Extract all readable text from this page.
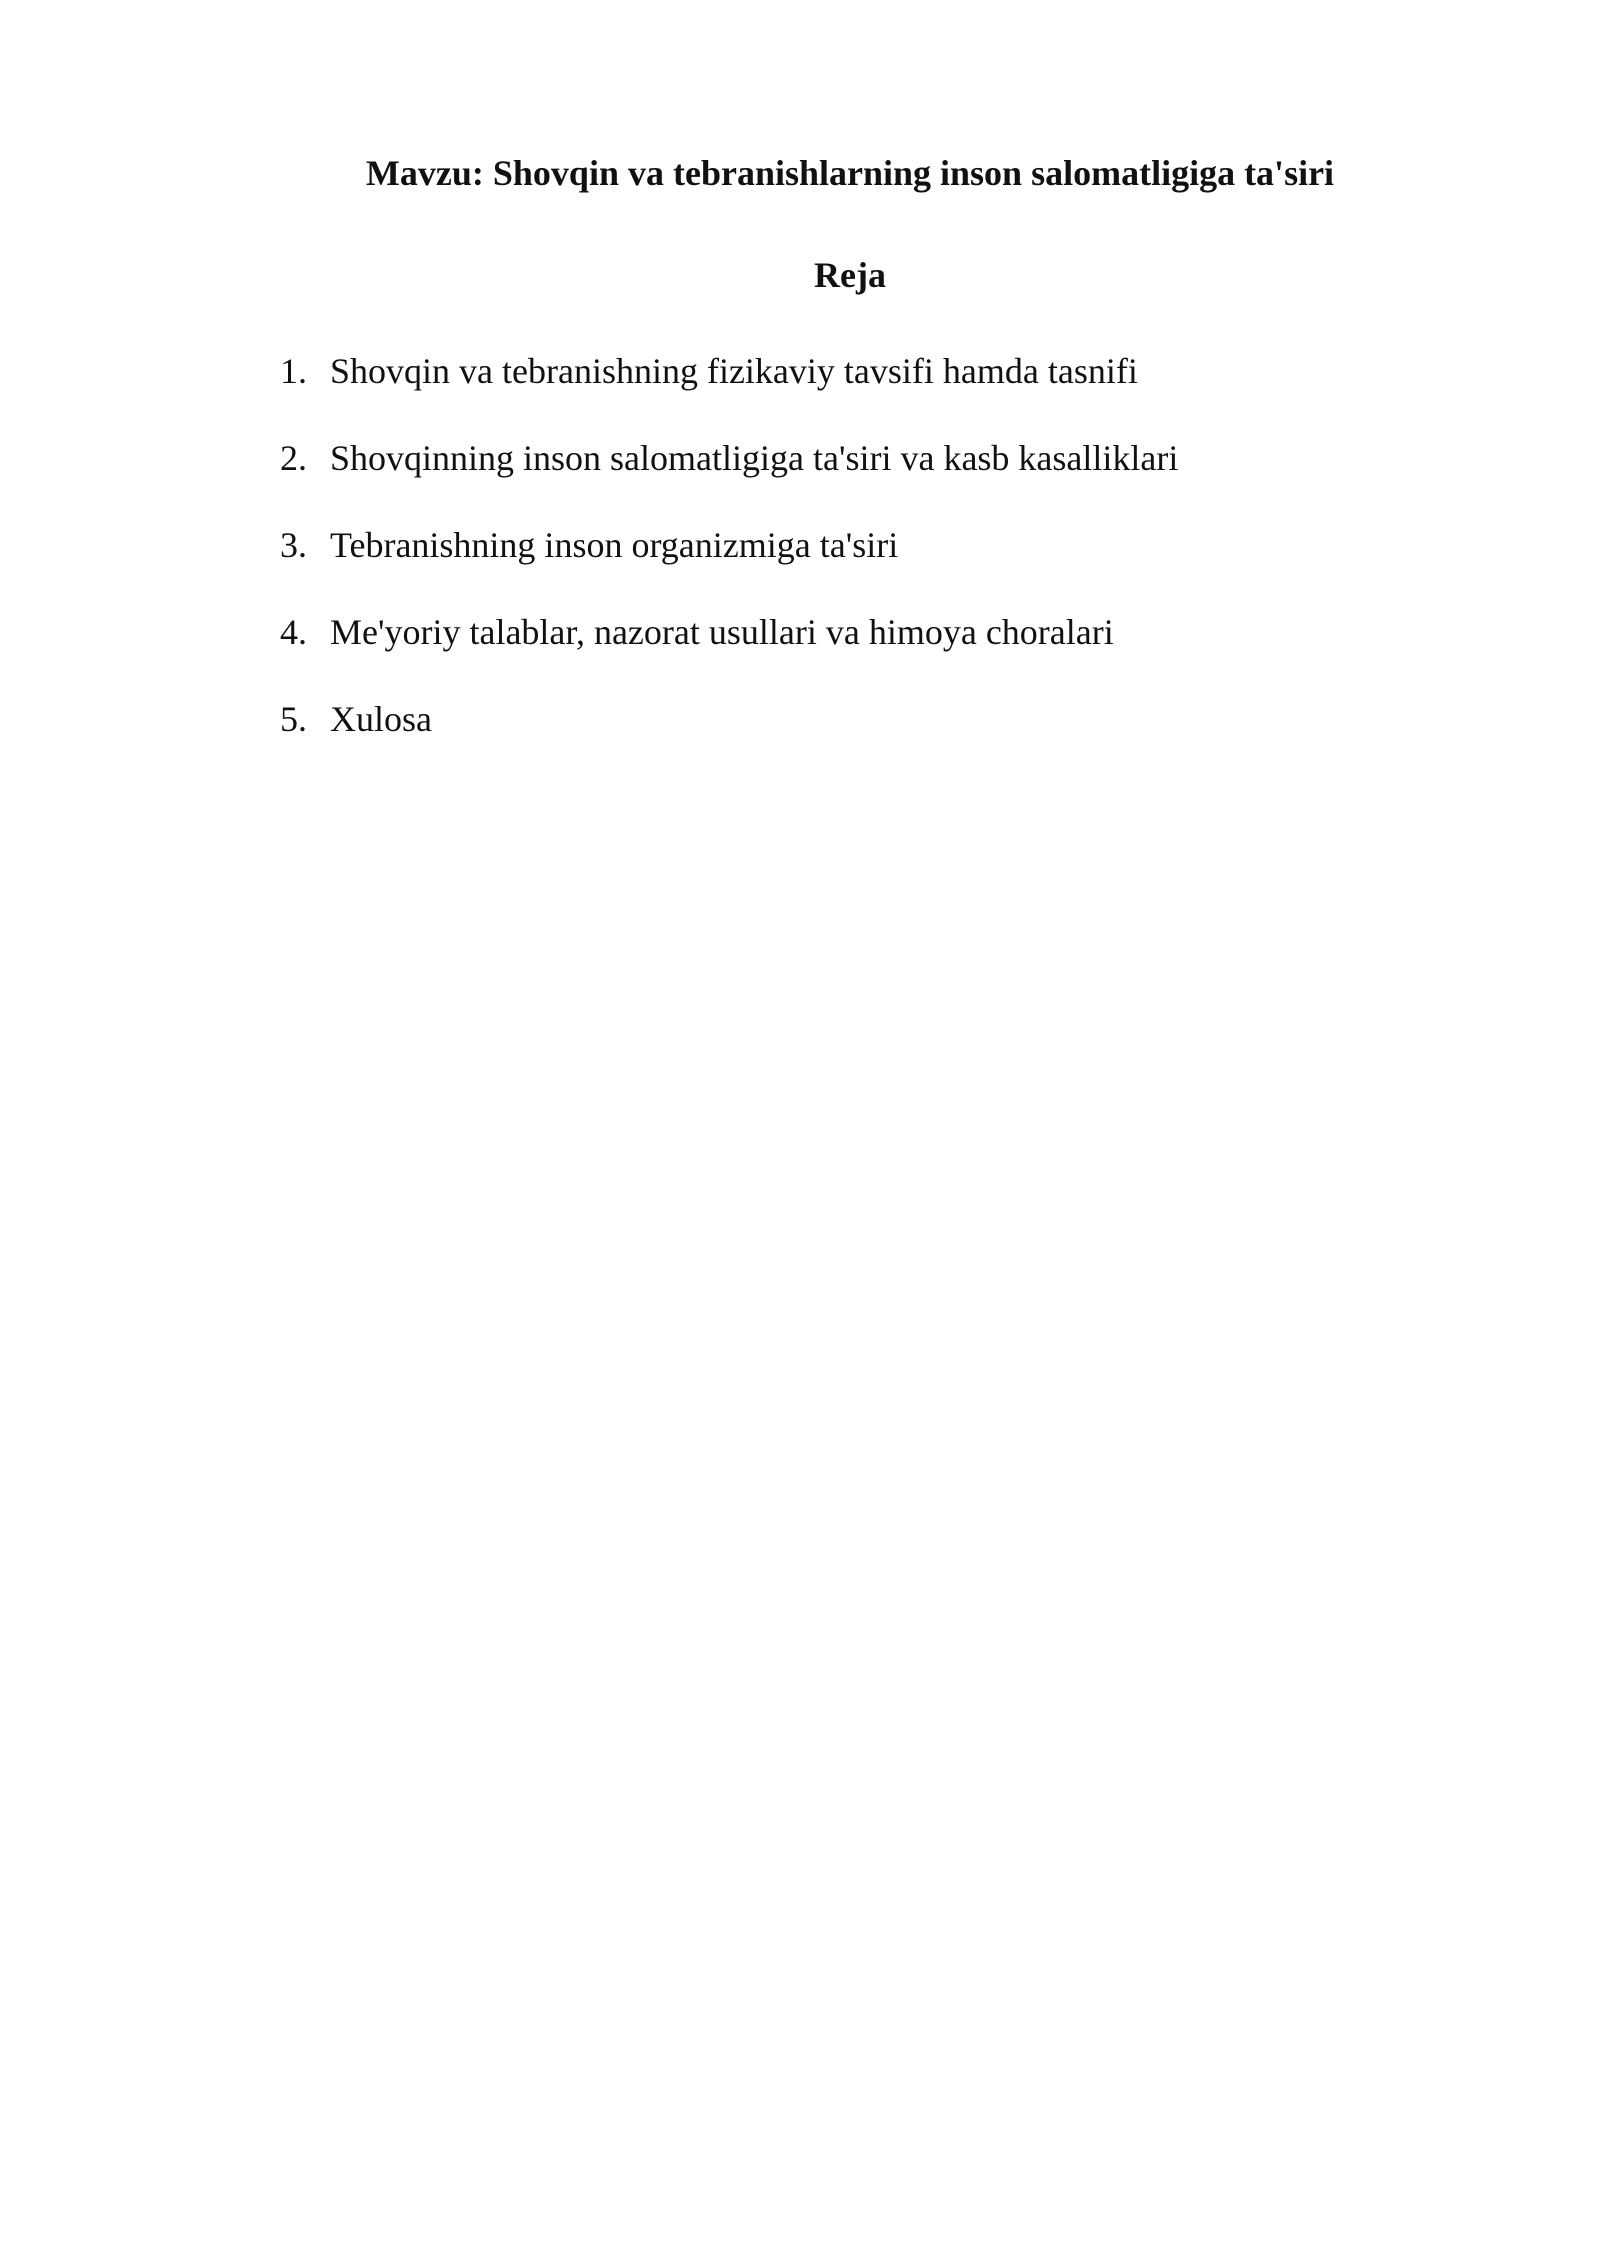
Mavzu: Shovqin va tebranishlarning inson salomatligiga ta'siri
Reja
1. Shovqin va tebranishning fizikaviy tavsifi hamda tasnifi
2. Shovqinning inson salomatligiga ta'siri va kasb kasalliklari
3. Tebranishning inson organizmiga ta'siri
4. Me'yoriy talablar, nazorat usullari va himoya choralari
5. Xulosa
